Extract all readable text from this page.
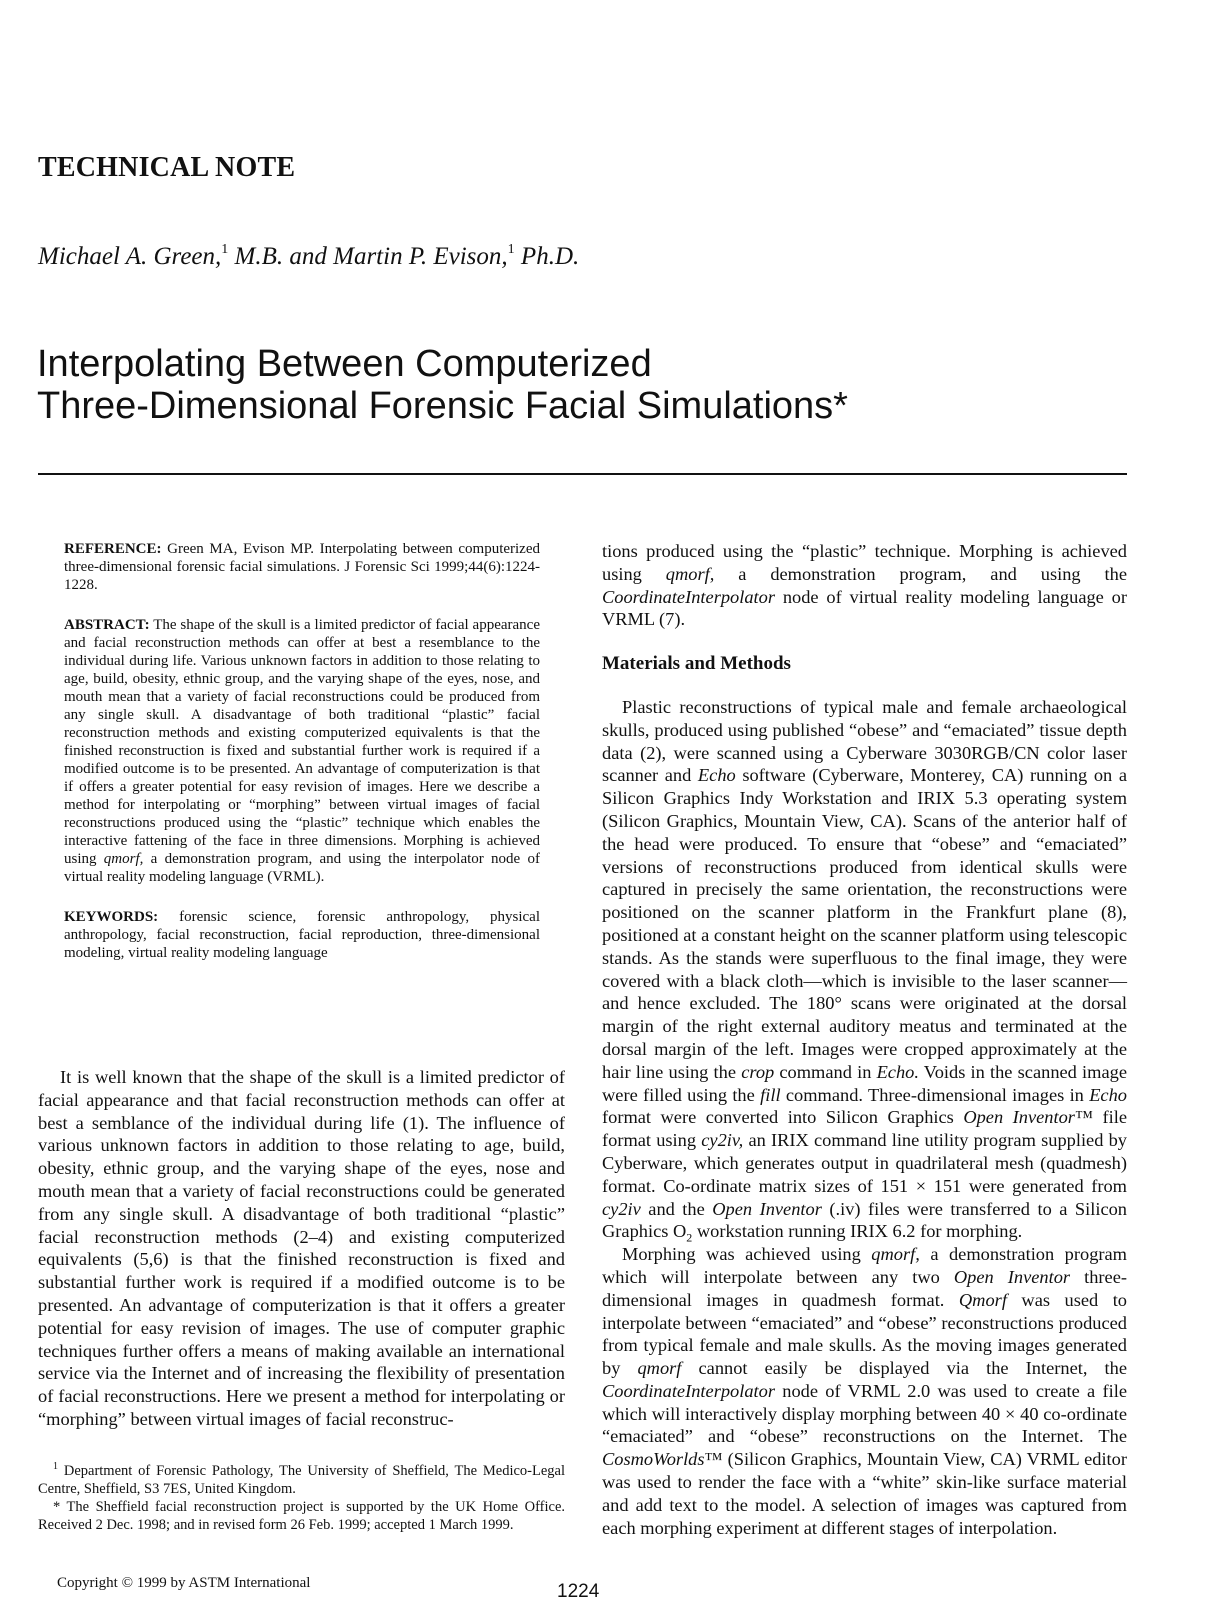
TECHNICAL NOTE
Michael A. Green,$^1$ M.B. and Martin P. Evison,$^1$ Ph.D.
Interpolating Between Computerized
Three-Dimensional Forensic Facial Simulations*

REFERENCE: Green MA, Evison MP. Interpolating between computerized three-dimensional forensic facial simulations. J Forensic Sci 1999;44(6):1224-1228.

ABSTRACT: The shape of the skull is a limited predictor of facial appearance and facial reconstruction methods can offer at best a resemblance to the individual during life. Various unknown factors in addition to those relating to age, build, obesity, ethnic group, and the varying shape of the eyes, nose, and mouth mean that a variety of facial reconstructions could be produced from any single skull. A disadvantage of both traditional “plastic” facial reconstruction methods and existing computerized equivalents is that the finished reconstruction is fixed and substantial further work is required if a modified outcome is to be presented. An advantage of computerization is that if offers a greater potential for easy revision of images. Here we describe a method for interpolating or “morphing” between virtual images of facial reconstructions produced using the “plastic” technique which enables the interactive fattening of the face in three dimensions. Morphing is achieved using qmorf, a demonstration program, and using the interpolator node of virtual reality modeling language (VRML).

KEYWORDS: forensic science, forensic anthropology, physical anthropology, facial reconstruction, facial reproduction, three-dimensional modeling, virtual reality modeling language

It is well known that the shape of the skull is a limited predictor of facial appearance and that facial reconstruction methods can offer at best a semblance of the individual during life (1). The influence of various unknown factors in addition to those relating to age, build, obesity, ethnic group, and the varying shape of the eyes, nose and mouth mean that a variety of facial reconstructions could be generated from any single skull. A disadvantage of both traditional “plastic” facial reconstruction methods (2–4) and existing computerized equivalents (5,6) is that the finished reconstruction is fixed and substantial further work is required if a modified outcome is to be presented. An advantage of computerization is that it offers a greater potential for easy revision of images. The use of computer graphic techniques further offers a means of making available an international service via the Internet and of increasing the flexibility of presentation of facial reconstructions. Here we present a method for interpolating or “morphing” between virtual images of facial reconstruc-

$^1$ Department of Forensic Pathology, The University of Sheffield, The Medico-Legal Centre, Sheffield, S3 7ES, United Kingdom.

* The Sheffield facial reconstruction project is supported by the UK Home Office. Received 2 Dec. 1998; and in revised form 26 Feb. 1999; accepted 1 March 1999.

Copyright © 1999 by ASTM International	1224

tions produced using the “plastic” technique. Morphing is achieved using qmorf, a demonstration program, and using the CoordinateInterpolator node of virtual reality modeling language or VRML (7).

Materials and Methods

Plastic reconstructions of typical male and female archaeological skulls, produced using published “obese” and “emaciated” tissue depth data (2), were scanned using a Cyberware 3030RGB/CN color laser scanner and Echo software (Cyberware, Monterey, CA) running on a Silicon Graphics Indy Workstation and IRIX 5.3 operating system (Silicon Graphics, Mountain View, CA). Scans of the anterior half of the head were produced. To ensure that “obese” and “emaciated” versions of reconstructions produced from identical skulls were captured in precisely the same orientation, the reconstructions were positioned on the scanner platform in the Frankfurt plane (8), positioned at a constant height on the scanner platform using telescopic stands. As the stands were superfluous to the final image, they were covered with a black cloth—which is invisible to the laser scanner—and hence excluded. The 180° scans were originated at the dorsal margin of the right external auditory meatus and terminated at the dorsal margin of the left. Images were cropped approximately at the hair line using the crop command in Echo. Voids in the scanned image were filled using the fill command. Three-dimensional images in Echo format were converted into Silicon Graphics Open Inventor™ file format using cy2iv, an IRIX command line utility program supplied by Cyberware, which generates output in quadrilateral mesh (quadmesh) format. Co-ordinate matrix sizes of 151 × 151 were generated from cy2iv and the Open Inventor (.iv) files were transferred to a Silicon Graphics $O_2$ workstation running IRIX 6.2 for morphing.

Morphing was achieved using qmorf, a demonstration program which will interpolate between any two Open Inventor three-dimensional images in quadmesh format. Qmorf was used to interpolate between “emaciated” and “obese” reconstructions produced from typical female and male skulls. As the moving images generated by qmorf cannot easily be displayed via the Internet, the CoordinateInterpolator node of VRML 2.0 was used to create a file which will interactively display morphing between 40 × 40 co-ordinate “emaciated” and “obese” reconstructions on the Internet. The CosmoWorlds™ (Silicon Graphics, Mountain View, CA) VRML editor was used to render the face with a “white” skin-like surface material and add text to the model. A selection of images was captured from each morphing experiment at different stages of interpolation.
